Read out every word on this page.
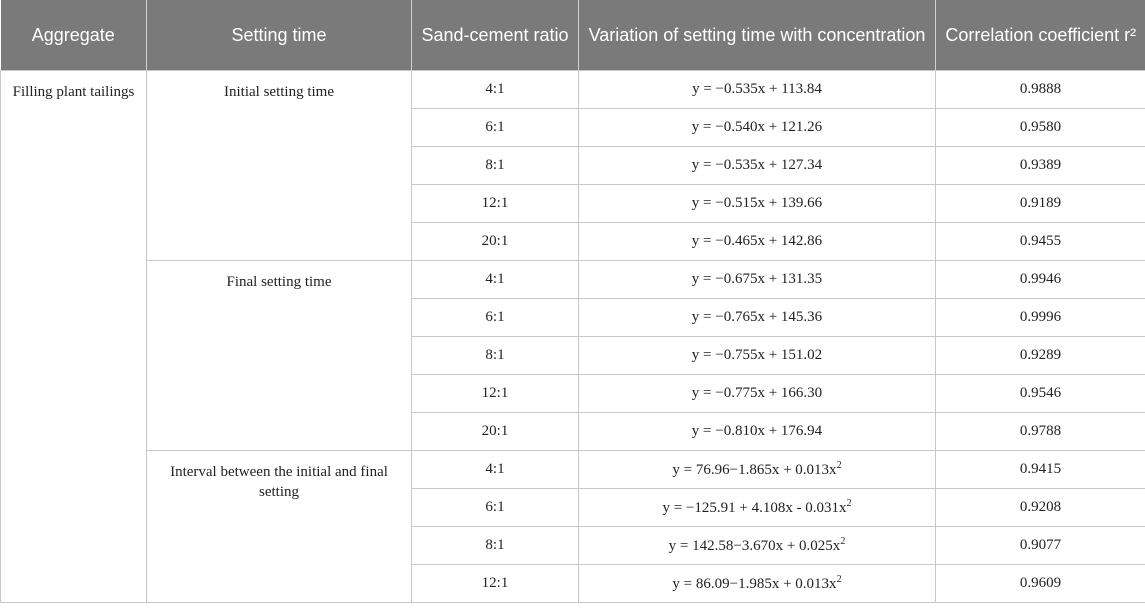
Aggregate	Setting time	Sand-cement ratio	Variation of setting time with concentration	Correlation coefficient r²
Filling plant tailings	Initial setting time	4:1	y = −0.535x + 113.84	0.9888
		6:1	y = −0.540x + 121.26	0.9580
		8:1	y = −0.535x + 127.34	0.9389
		12:1	y = −0.515x + 139.66	0.9189
		20:1	y = −0.465x + 142.86	0.9455
	Final setting time	4:1	y = −0.675x + 131.35	0.9946
		6:1	y = −0.765x + 145.36	0.9996
		8:1	y = −0.755x + 151.02	0.9289
		12:1	y = −0.775x + 166.30	0.9546
		20:1	y = −0.810x + 176.94	0.9788
	Interval between the initial and final setting	4:1	$y = 76.96-1.865x + 0.013x^2$	0.9415
		6:1	$y = -125.91 + 4.108x - 0.031x^2$	0.9208
		8:1	$y = 142.58-3.670x + 0.025x^2$	0.9077
		12:1	$y = 86.09-1.985x + 0.013x^2$	0.9609
